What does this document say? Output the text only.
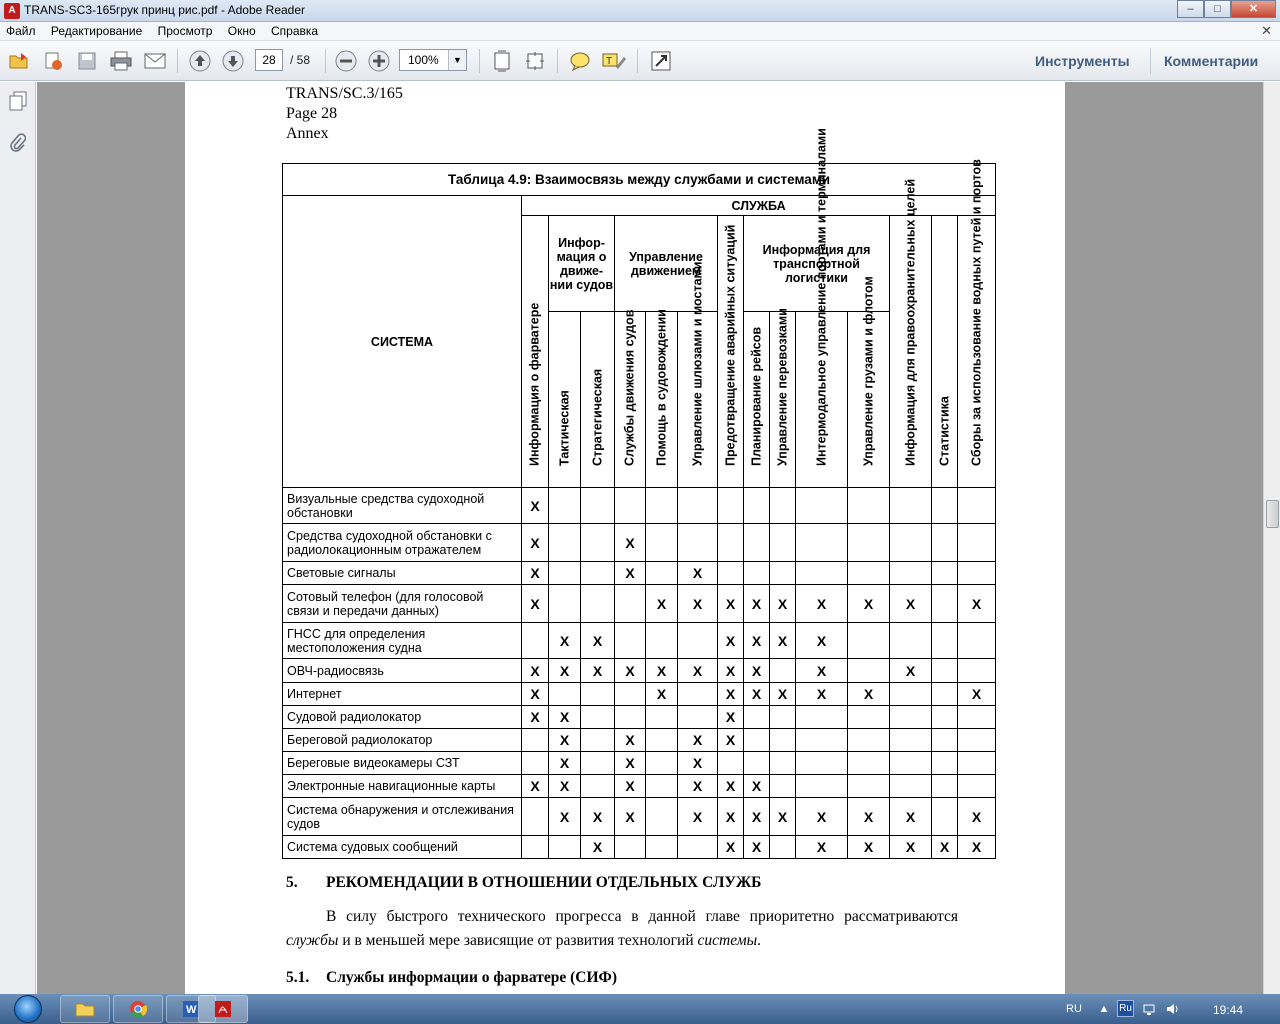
A TRANS-SC3-165грук принц рис.pdf - Adobe Reader	–	□	✕
Файл Редактирование Просмотр Окно Справка	✕
28	/ 58	100%	▼	T	Инструменты Комментарии
TRANS/SC.3/165
Page 28
Annex
Таблица 4.9: Взаимосвязь между службами и системами														
СИСТЕМА	СЛУЖБА													

	Информация о фарватере	Инфор-мация о движе-нии судов		Управление движением			Предотвращение аварийных ситуаций	Информация для транспортной логистики				Информация для правоохранительных целей	Статистика	Сборы за использование водных путей и портов

		Тактическая	Стратегическая	Службы движения судов	Помощь в судовождении	Управление шлюзами и мостами		Планирование рейсов	Управление перевозками	Интермодальное управление портами и терминалами	Управление грузами и флотом			

Визуальные средства судоходной обстановки	X													
Средства судоходной обстановки с радиолокационным отражателем	X			X										
Световые сигналы	X			X		X								
Сотовый телефон (для голосовой связи и передачи данных)	X				X	X	X	X	X	X	X	X		X
ГНСС для определения местоположения судна		X	X				X	X	X	X				
ОВЧ-радиосвязь	X	X	X	X	X	X	X	X		X		X		
Интернет	X				X		X	X	X	X	X			X
Судовой радиолокатор	X	X					X							
Береговой радиолокатор		X		X		X	X							
Береговые видеокамеры СЗТ		X		X		X								
Электронные навигационные карты	X	X		X		X	X	X						
Система обнаружения и отслеживания судов		X	X	X		X	X	X	X	X	X	X		X
Система судовых сообщений			X				X	X		X	X	X	X	X
5. РЕКОМЕНДАЦИИ В ОТНОШЕНИИ ОТДЕЛЬНЫХ СЛУЖБ
В силу быстрого технического прогресса в данной главе приоритетно рассматриваются службы и в меньшей мере зависящие от развития технологий системы.
5.1. Службы информации о фарватере (СИФ)
W	RU ▲ Ru	19:44
